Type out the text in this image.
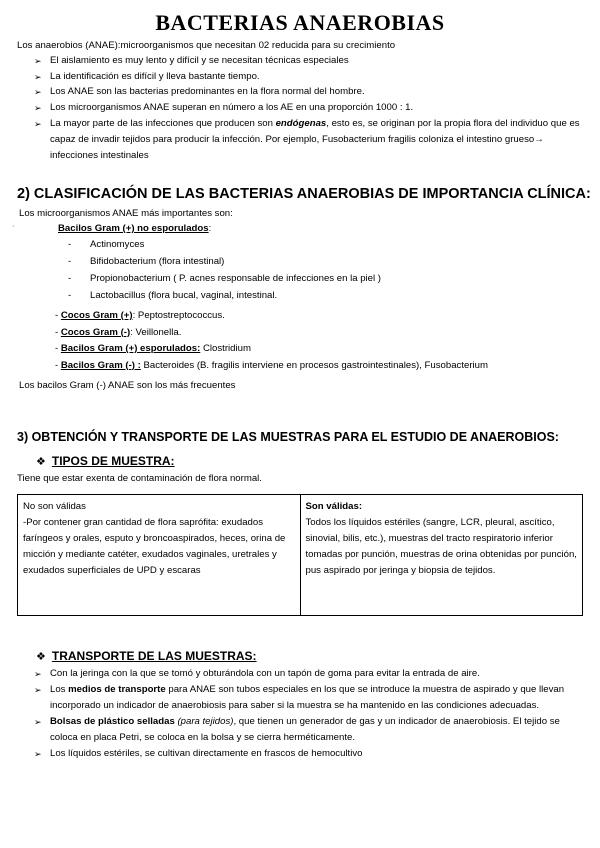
BACTERIAS ANAEROBIAS
Los anaerobios (ANAE):microorganismos que necesitan 02 reducida para su crecimiento
➢ El aislamiento es muy lento y difícil y se necesitan técnicas especiales
➢ La identificación es difícil y lleva bastante tiempo.
➢ Los ANAE son las bacterias predominantes en la flora normal del hombre.
➢ Los microorganismos ANAE superan en número a los AE en una proporción 1000 : 1.
➢ La mayor parte de las infecciones que producen son endógenas, esto es, se originan por la propia flora del individuo que es capaz de invadir tejidos para producir la infección. Por ejemplo, Fusobacterium fragilis coloniza el intestino grueso→ infecciones intestinales
2) CLASIFICACIÓN DE LAS BACTERIAS ANAEROBIAS DE IMPORTANCIA CLÍNICA:
Los microorganismos ANAE más importantes son:
·	Bacilos Gram (+) no esporulados:
- Actinomyces
- Bifidobacterium (flora intestinal)
- Propionobacterium ( P. acnes responsable de infecciones en la piel )
- Lactobacillus (flora bucal, vaginal, intestinal.
- Cocos Gram (+): Peptostreptococcus.
- Cocos Gram (-): Veillonella.
- Bacilos Gram (+) esporulados: Clostridium
- Bacilos Gram (-) : Bacteroides (B. fragilis interviene en procesos gastrointestinales), Fusobacterium
Los bacilos Gram (-) ANAE son los más frecuentes
3) OBTENCIÓN Y TRANSPORTE DE LAS MUESTRAS PARA EL ESTUDIO DE ANAEROBIOS:
❖ TIPOS DE MUESTRA:
Tiene que estar exenta de contaminación de flora normal.
No son válidas
-Por contener gran cantidad de flora saprófita: exudados faríngeos y orales, esputo y broncoaspirados, heces, orina de micción y mediante catéter, exudados vaginales, uretrales y exudados superficiales de UPD y escaras

Son válidas:
Todos los líquidos estériles (sangre, LCR, pleural, ascítico, sinovial, bilis, etc.), muestras del tracto respiratorio inferior tomadas por punción, muestras de orina obtenidas por punción, pus aspirado por jeringa y biopsia de tejidos.
❖ TRANSPORTE DE LAS MUESTRAS:
➢ Con la jeringa con la que se tomó y obturándola con un tapón de goma para evitar la entrada de aire.
➢ Los medios de transporte para ANAE son tubos especiales en los que se introduce la muestra de aspirado y que llevan incorporado un indicador de anaerobiosis para saber si la muestra se ha mantenido en las condiciones adecuadas.
➢ Bolsas de plástico selladas (para tejidos), que tienen un generador de gas y un indicador de anaerobiosis. El tejido se coloca en placa Petri, se coloca en la bolsa y se cierra herméticamente.
➢ Los líquidos estériles, se cultivan directamente en frascos de hemocultivo
